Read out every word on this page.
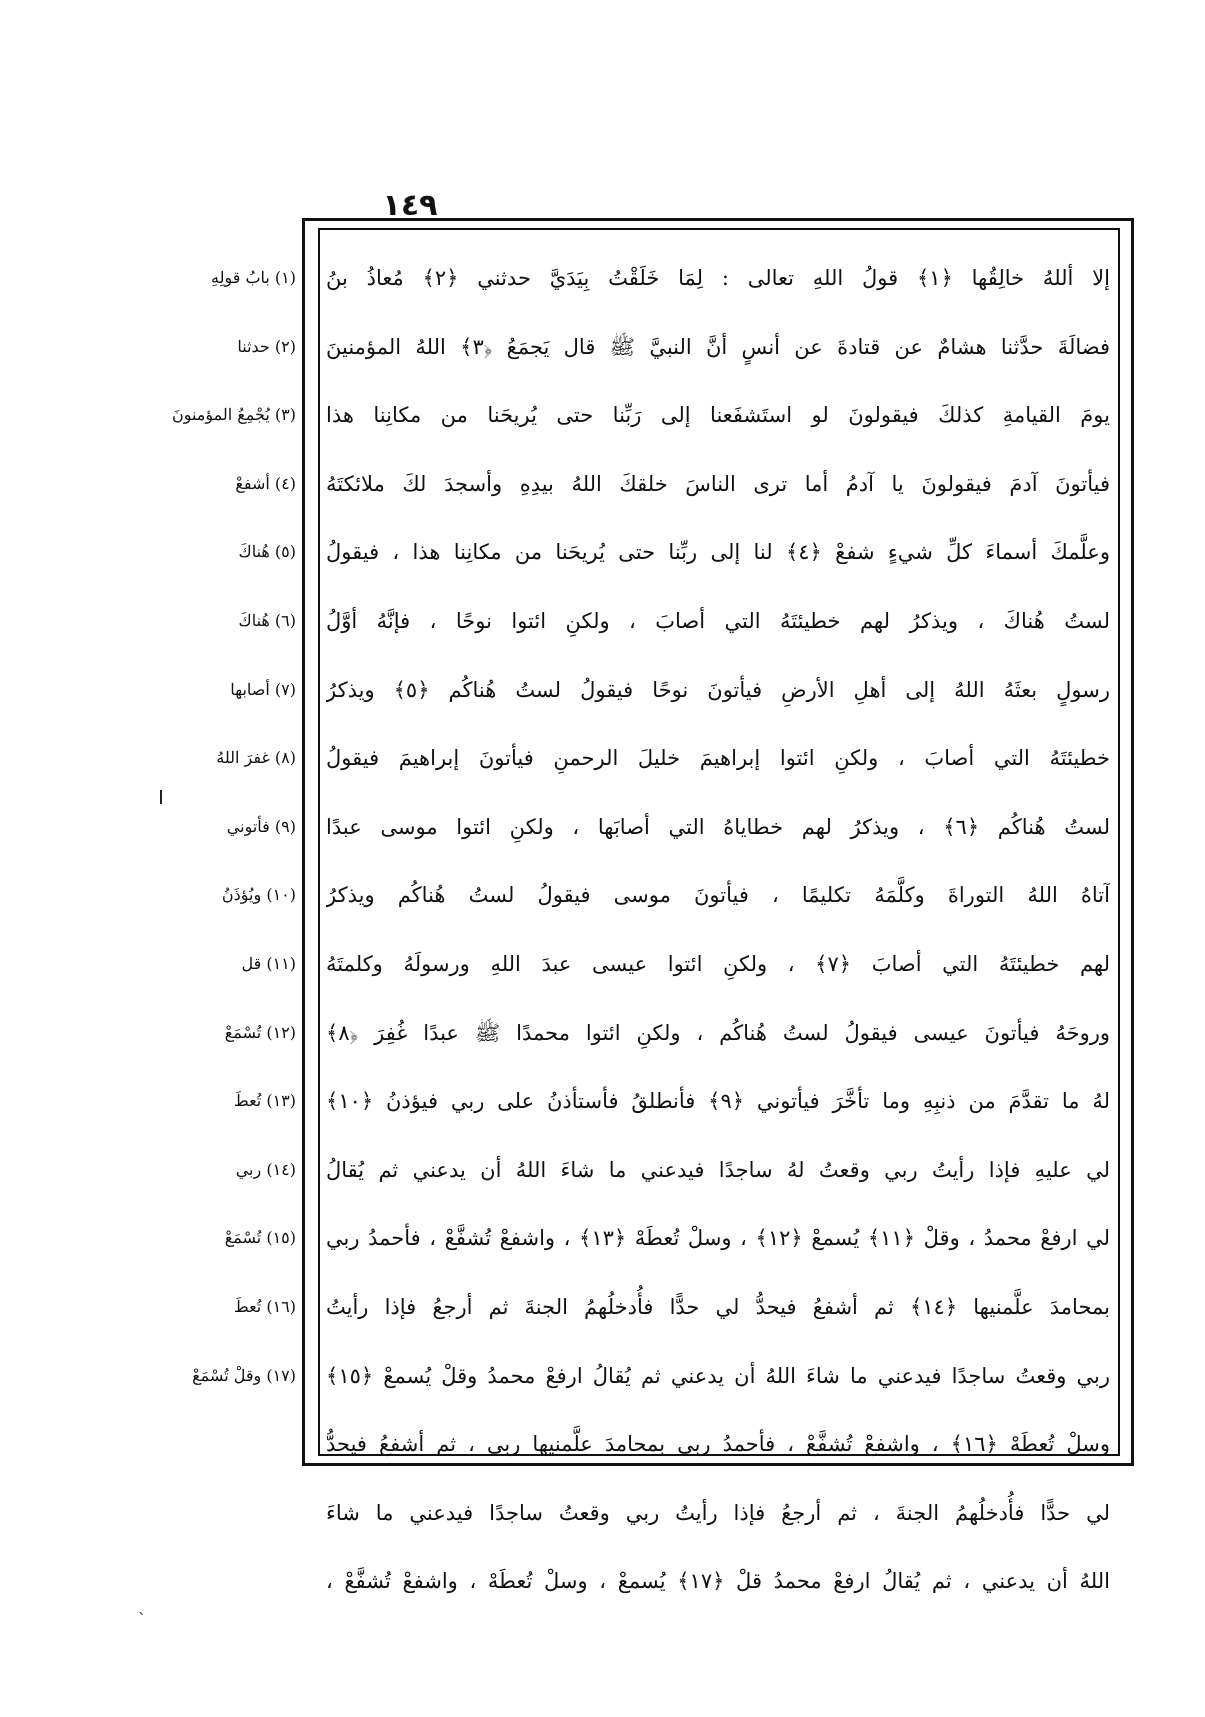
١٤٩
إلا أللهُ خالِقُها ﴿١﴾ قولُ اللهِ تعالى : لِمَا خَلَقْتُ بِيَدَيَّ حدثني ﴿٢﴾ مُعاذُ بنُ
فضالَةَ حدَّثنا هشامٌ عن قتادةَ عن أنسٍ أنَّ النبيَّ ﷺ قال يَجمَعُ ﴿٣﴾ اللهُ المؤمنينَ
يومَ القيامةِ كذلكَ فيقولونَ لو استَشفَعنا إلى رَبِّنا حتى يُريحَنا من مكانِنا هذا
فيأتونَ آدمَ فيقولونَ يا آدمُ أما ترى الناسَ خلقكَ اللهُ بيدِهِ وأسجدَ لكَ ملائكتَهُ
وعلَّمكَ أسماءَ كلِّ شيءٍ شفعْ ﴿٤﴾ لنا إلى ربِّنا حتى يُريحَنا من مكانِنا هذا ، فيقولُ
لستُ هُناكَ ، ويذكرُ لهم خطيئتَهُ التي أصابَ ، ولكنِ ائتوا نوحًا ، فإنَّهُ أوَّلُ
رسولٍ بعثَهُ اللهُ إلى أهلِ الأرضِ فيأتونَ نوحًا فيقولُ لستُ هُناكُم ﴿٥﴾ ويذكرُ
خطيئتَهُ التي أصابَ ، ولكنِ ائتوا إبراهيمَ خليلَ الرحمنِ فيأتونَ إبراهيمَ فيقولُ
لستُ هُناكُم ﴿٦﴾ ، ويذكرُ لهم خطاياهُ التي أصابَها ، ولكنِ ائتوا موسى عبدًا
آتاهُ اللهُ التوراةَ وكلَّمَهُ تكليمًا ، فيأتونَ موسى فيقولُ لستُ هُناكُم ويذكرُ
لهم خطيئتَهُ التي أصابَ ﴿٧﴾ ، ولكنِ ائتوا عيسى عبدَ اللهِ ورسولَهُ وكلمتَهُ
وروحَهُ فيأتونَ عيسى فيقولُ لستُ هُناكُم ، ولكنِ ائتوا محمدًا ﷺ عبدًا غُفِرَ ﴿٨﴾
لهُ ما تقدَّمَ من ذنبِهِ وما تأخَّرَ فيأتوني ﴿٩﴾ فأنطلقُ فأستأذنُ على ربي فيؤذنُ ﴿١٠﴾
لي عليهِ فإذا رأيتُ ربي وقعتُ لهُ ساجدًا فيدعني ما شاءَ اللهُ أن يدعني ثم يُقالُ
لي ارفعْ محمدُ ، وقلْ ﴿١١﴾ يُسمعْ ﴿١٢﴾ ، وسلْ تُعطَهْ ﴿١٣﴾ ، واشفعْ تُشفَّعْ ، فأحمدُ ربي
بمحامدَ علَّمنيها ﴿١٤﴾ ثم أشفعُ فيحدُّ لي حدًّا فأُدخلُهمُ الجنةَ ثم أرجعُ فإذا رأيتُ
ربي وقعتُ ساجدًا فيدعني ما شاءَ اللهُ أن يدعني ثم يُقالُ ارفعْ محمدُ وقلْ يُسمعْ ﴿١٥﴾
وسلْ تُعطَهْ ﴿١٦﴾ ، واشفعْ تُشفَّعْ ، فأحمدُ ربي بمحامدَ علَّمنيها ربي ، ثم أشفعُ فيحدُّ
لي حدًّا فأُدخلُهمُ الجنةَ ، ثم أرجعُ فإذا رأيتُ ربي وقعتُ ساجدًا فيدعني ما شاءَ
اللهُ أن يدعني ، ثم يُقالُ ارفعْ محمدُ قلْ ﴿١٧﴾ يُسمعْ ، وسلْ تُعطَهْ ، واشفعْ تُشفَّعْ ،
(١) بابُ قولِهِ
(٢) حدثنا
(٣) يُجْمِعُ المؤمنونَ
(٤) أشفعْ
(٥) هُناكَ
(٦) هُناكَ
(٧) أصابها
(٨) غفرَ اللهُ
(٩) فأتوني
(١٠) ويُؤذَنُ
(١١) قل
(١٢) تُسْمَعْ
(١٣) تُعطَ
(١٤) ربي
(١٥) تُسْمَعْ
(١٦) تُعطَ
(١٧) وقلْ تُسْمَعْ
ˎ
